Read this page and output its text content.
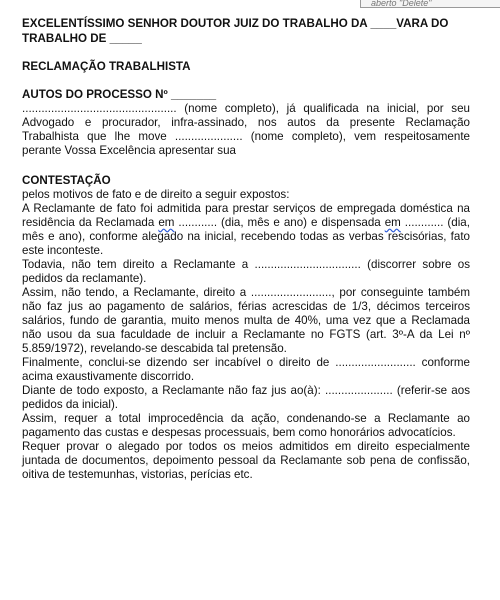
aberto "Delete"
EXCELENTÍSSIMO SENHOR DOUTOR JUIZ DO TRABALHO DA ____VARA DO
TRABALHO DE _____
RECLAMAÇÃO TRABALHISTA
AUTOS DO PROCESSO Nº _______

................................................ (nome completo), já qualificada na inicial, por seu Advogado e procurador, infra-assinado, nos autos da presente Reclamação Trabalhista que lhe move ..................... (nome completo), vem respeitosamente perante Vossa Excelência apresentar sua

CONTESTAÇÃO

pelos motivos de fato e de direito a seguir expostos:

A Reclamante de fato foi admitida para prestar serviços de empregada doméstica na residência da Reclamada em ............ (dia, mês e ano) e dispensada em ............ (dia, mês e ano), conforme alegado na inicial, recebendo todas as verbas rescisórias, fato este inconteste.

Todavia, não tem direito a Reclamante a ................................. (discorrer sobre os pedidos da reclamante).

Assim, não tendo, a Reclamante, direito a ........................., por conseguinte também não faz jus ao pagamento de salários, férias acrescidas de 1/3, décimos terceiros salários, fundo de garantia, muito menos multa de 40%, uma vez que a Reclamada não usou da sua faculdade de incluir a Reclamante no FGTS (art. 3º-A da Lei nº 5.859/1972), revelando-se descabida tal pretensão.

Finalmente, conclui-se dizendo ser incabível o direito de ......................... conforme acima exaustivamente discorrido.

Diante de todo exposto, a Reclamante não faz jus ao(à): ..................... (referir-se aos pedidos da inicial).

Assim, requer a total improcedência da ação, condenando-se a Reclamante ao pagamento das custas e despesas processuais, bem como honorários advocatícios.

Requer provar o alegado por todos os meios admitidos em direito especialmente juntada de documentos, depoimento pessoal da Reclamante sob pena de confissão, oitiva de testemunhas, vistorias, perícias etc.
